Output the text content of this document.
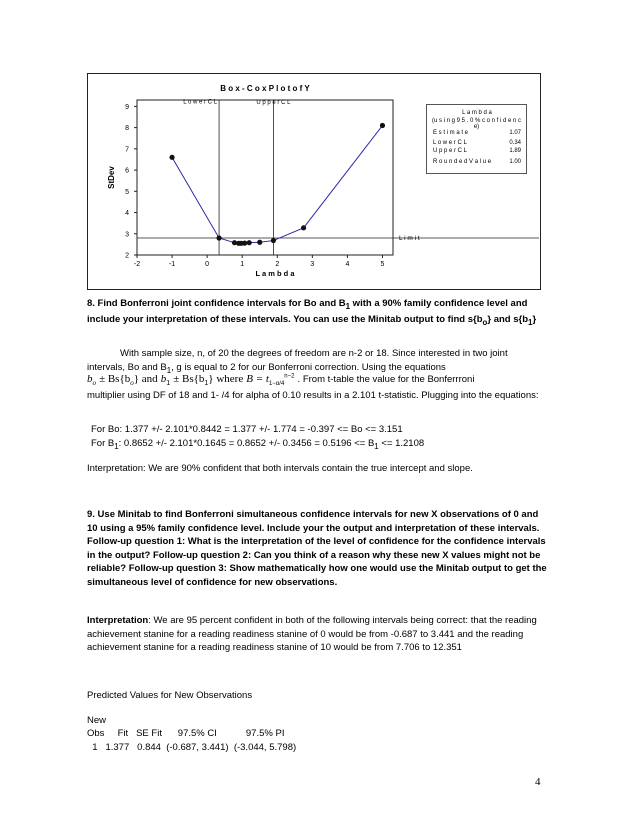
B o x - C o x P l o t o f Y
-2	-1	0	1	2	3	4	5
2
3
4
5
6
7
8
9
L a m b d a
StDev
L o w e r C L	U p p e r C L
L i m i t
L a m b d a
(u s i n g 9 5 . 0 % c o n f i d e n c e)
E s t i m a t e	1.07
L o w e r C L	0.34
U p p e r C L	1.89
R o u n d e d V a l u e	1.00
8. Find Bonferroni joint confidence intervals for Bo and $B_1$ with a 90% family confidence level and include your interpretation of these intervals. You can use the Minitab output to find $s\{b_o\}$ and $s\{b_1\}$
With sample size, n, of 20 the degrees of freedom are n-2 or 18. Since interested in two joint intervals, Bo and $B_1$, g is equal to 2 for our Bonferroni correction. Using the equations
$b_o \pm Bs\{b_o\}$ and $b_1 \pm Bs\{b_1\}$ where $B = t_{1-\alpha/4}^{n-2}$ . From t-table the value for the Bonferrroni
multiplier using DF of 18 and 1- /4 for alpha of 0.10 results in a 2.101 t-statistic. Plugging into the equations:
For Bo: 1.377 +/- 2.101*0.8442 = 1.377 +/- 1.774 = -0.397 <= Bo <= 3.151
For $B_1$: 0.8652 +/- 2.101*0.1645 = 0.8652 +/- $0.3456 = 0.5196 <= B_1 <= 1.2108$
Interpretation: We are 90% confident that both intervals contain the true intercept and slope.
9. Use Minitab to find Bonferroni simultaneous confidence intervals for new X observations of 0 and 10 using a 95% family confidence level. Include your the output and interpretation of these intervals. Follow-up question 1: What is the interpretation of the level of confidence for the confidence intervals in the output? Follow-up question 2: Can you think of a reason why these new X values might not be reliable? Follow-up question 3: Show mathematically how one would use the Minitab output to get the simultaneous level of confidence for new observations.
Interpretation: We are 95 percent confident in both of the following intervals being correct: that the reading achievement stanine for a reading readiness stanine of 0 would be from -0.687 to 3.441 and the reading achievement stanine for a reading readiness stanine of 10 would be from 7.706 to 12.351
Predicted Values for New Observations
New
Obs     Fit   SE Fit      97.5% CI           97.5% PI
1   1.377   0.844  (-0.687, 3.441)  (-3.044, 5.798)
4
